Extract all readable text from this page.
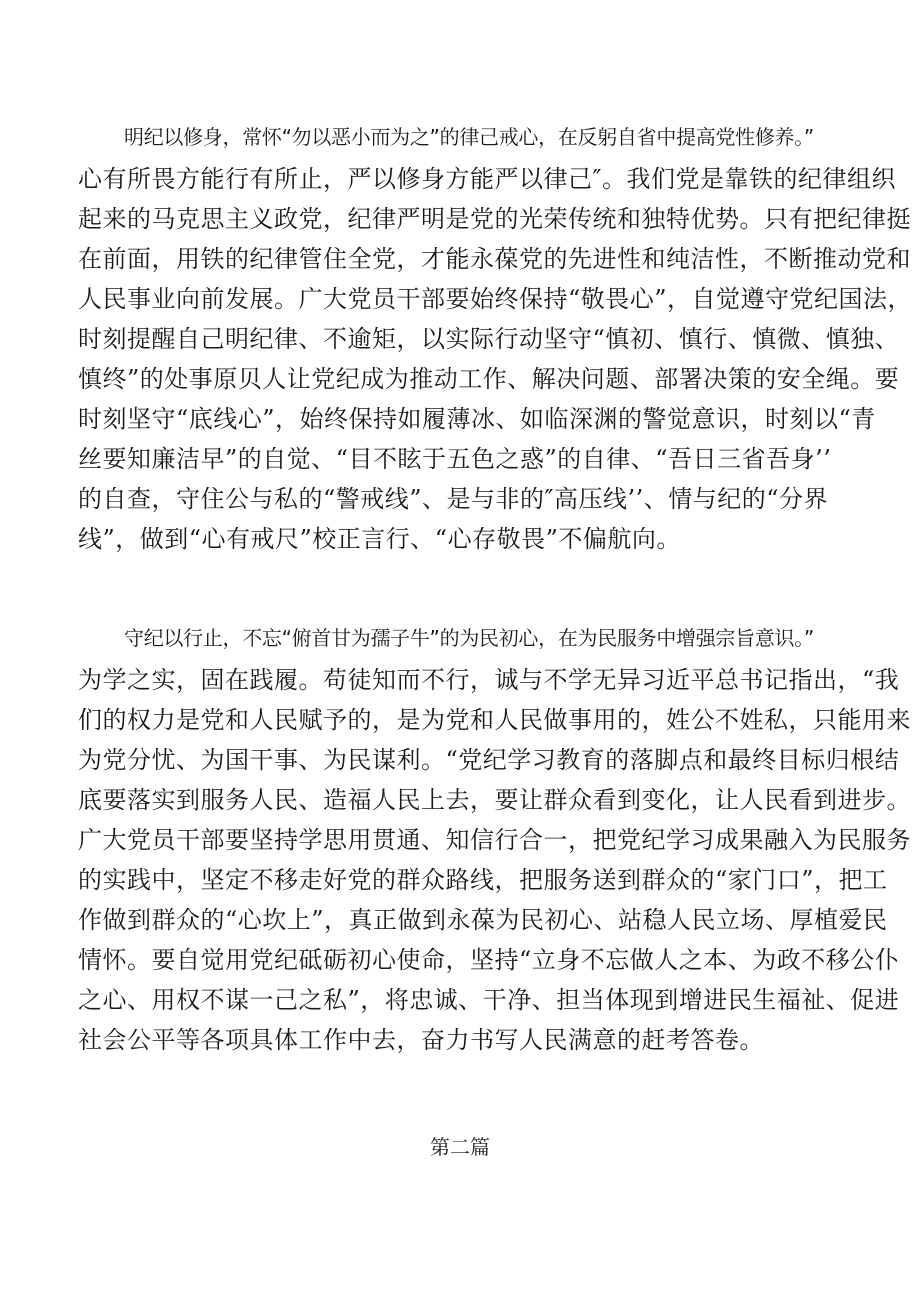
明纪以修身，常怀“勿以恶小而为之”的律己戒心，在反躬自省中提高党性修养。”
心有所畏方能行有所止，严以修身方能严以律己″。我们党是靠铁的纪律组织
起来的马克思主义政党，纪律严明是党的光荣传统和独特优势。只有把纪律挺
在前面，用铁的纪律管住全党，才能永葆党的先进性和纯洁性，不断推动党和
人民事业向前发展。广大党员干部要始终保持“敬畏心”，自觉遵守党纪国法，
时刻提醒自己明纪律、不逾矩，以实际行动坚守“慎初、慎行、慎微、慎独、
慎终”的处事原贝人让党纪成为推动工作、解决问题、部署决策的安全绳。要
时刻坚守“底线心”，始终保持如履薄冰、如临深渊的警觉意识，时刻以“青
丝要知廉洁早”的自觉、“目不眩于五色之惑”的自律、“吾日三省吾身’’
的自查，守住公与私的“警戒线”、是与非的″高压线’’、情与纪的“分界
线”，做到“心有戒尺”校正言行、“心存敬畏”不偏航向。
守纪以行止，不忘“俯首甘为孺子牛”的为民初心，在为民服务中增强宗旨意识。”
为学之实，固在践履。苟徒知而不行，诚与不学无异习近平总书记指出，“我
们的权力是党和人民赋予的，是为党和人民做事用的，姓公不姓私，只能用来
为党分忧、为国干事、为民谋利。“党纪学习教育的落脚点和最终目标归根结
底要落实到服务人民、造福人民上去，要让群众看到变化，让人民看到进步。
广大党员干部要坚持学思用贯通、知信行合一，把党纪学习成果融入为民服务
的实践中，坚定不移走好党的群众路线，把服务送到群众的“家门口”，把工
作做到群众的“心坎上”，真正做到永葆为民初心、站稳人民立场、厚植爱民
情怀。要自觉用党纪砥砺初心使命，坚持“立身不忘做人之本、为政不移公仆
之心、用权不谋一己之私”，将忠诚、干净、担当体现到增进民生福祉、促进
社会公平等各项具体工作中去，奋力书写人民满意的赶考答卷。
第二篇
